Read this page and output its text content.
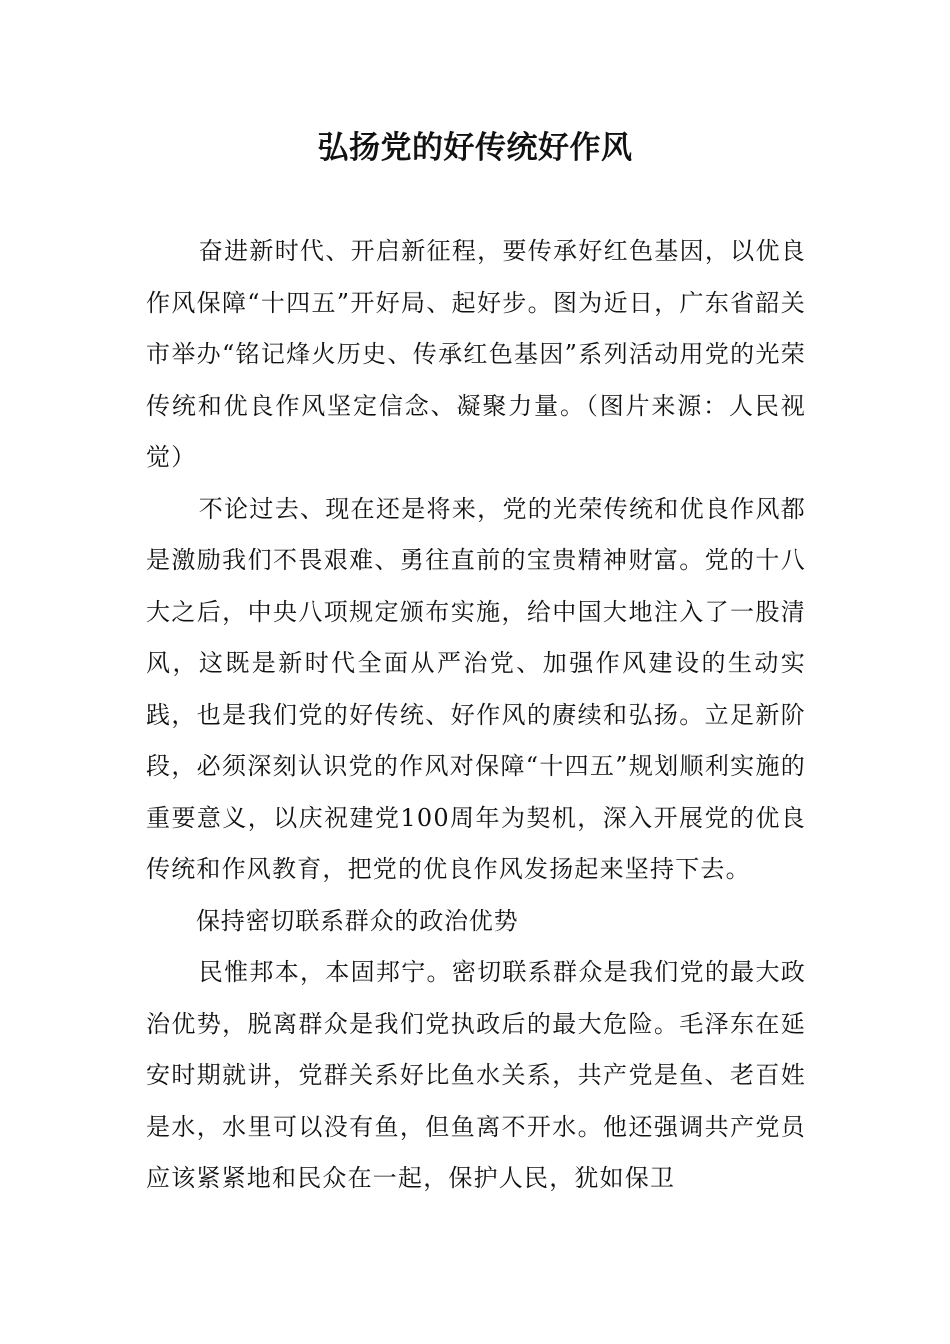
弘扬党的好传统好作风

奋进新时代、开启新征程，要传承好红色基因，以优良作风保障“十四五”开好局、起好步。图为近日，广东省韶关市举办“铭记烽火历史、传承红色基因”系列活动用党的光荣传统和优良作风坚定信念、凝聚力量。（图片来源：人民视觉）

不论过去、现在还是将来，党的光荣传统和优良作风都是激励我们不畏艰难、勇往直前的宝贵精神财富。党的十八大之后，中央八项规定颁布实施，给中国大地注入了一股清风，这既是新时代全面从严治党、加强作风建设的生动实践，也是我们党的好传统、好作风的赓续和弘扬。立足新阶段，必须深刻认识党的作风对保障“十四五”规划顺利实施的重要意义，以庆祝建党100周年为契机，深入开展党的优良传统和作风教育，把党的优良作风发扬起来坚持下去。

保持密切联系群众的政治优势

民惟邦本，本固邦宁。密切联系群众是我们党的最大政治优势，脱离群众是我们党执政后的最大危险。毛泽东在延安时期就讲，党群关系好比鱼水关系，共产党是鱼、老百姓是水，水里可以没有鱼，但鱼离不开水。他还强调共产党员应该紧紧地和民众在一起，保护人民，犹如保卫
